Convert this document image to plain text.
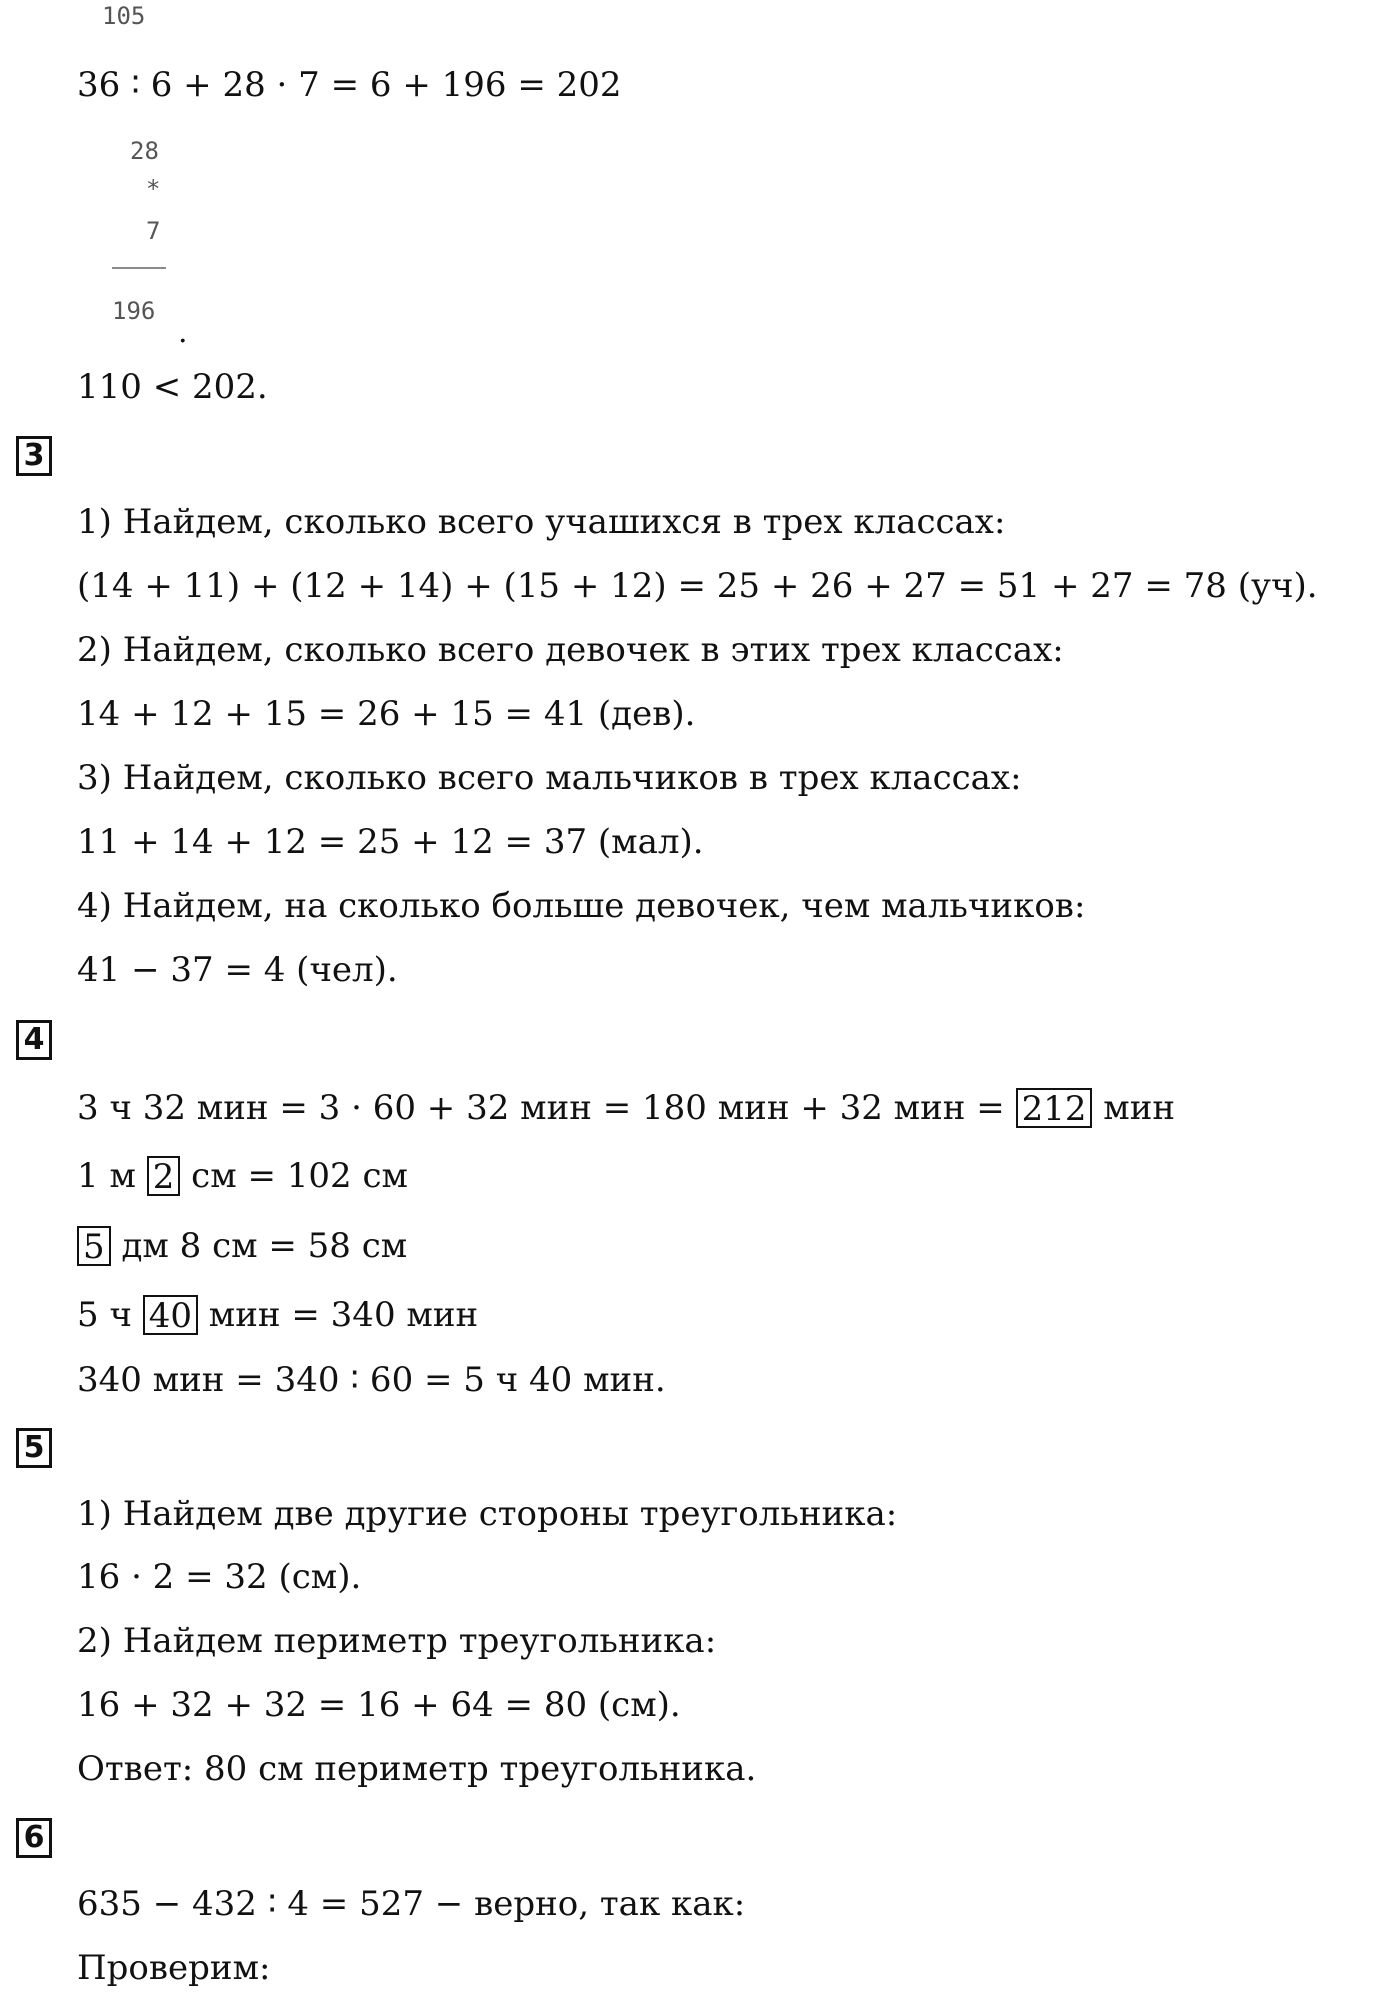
105
36 ∶ 6 + 28 · 7 = 6 + 196 = 202
28
*
7
196
.
110 < 202.
3
1) Найдем, сколько всего учашихся в трех классах:
(14 + 11) + (12 + 14) + (15 + 12) = 25 + 26 + 27 = 51 + 27 = 78 (уч).
2) Найдем, сколько всего девочек в этих трех классах:
14 + 12 + 15 = 26 + 15 = 41 (дев).
3) Найдем, сколько всего мальчиков в трех классах:
11 + 14 + 12 = 25 + 12 = 37 (мал).
4) Найдем, на сколько больше девочек, чем мальчиков:
41 − 37 = 4 (чел).
4
3 ч 32 мин = 3 · 60 + 32 мин = 180 мин + 32 мин = 212 мин
1 м 2 см = 102 см
5 дм 8 см = 58 см
5 ч 40 мин = 340 мин
340 мин = 340 ∶ 60 = 5 ч 40 мин.
5
1) Найдем две другие стороны треугольника:
16 · 2 = 32 (см).
2) Найдем периметр треугольника:
16 + 32 + 32 = 16 + 64 = 80 (см).
Ответ: 80 см периметр треугольника.
6
635 − 432 ∶ 4 = 527 − верно, так как:
Проверим:
